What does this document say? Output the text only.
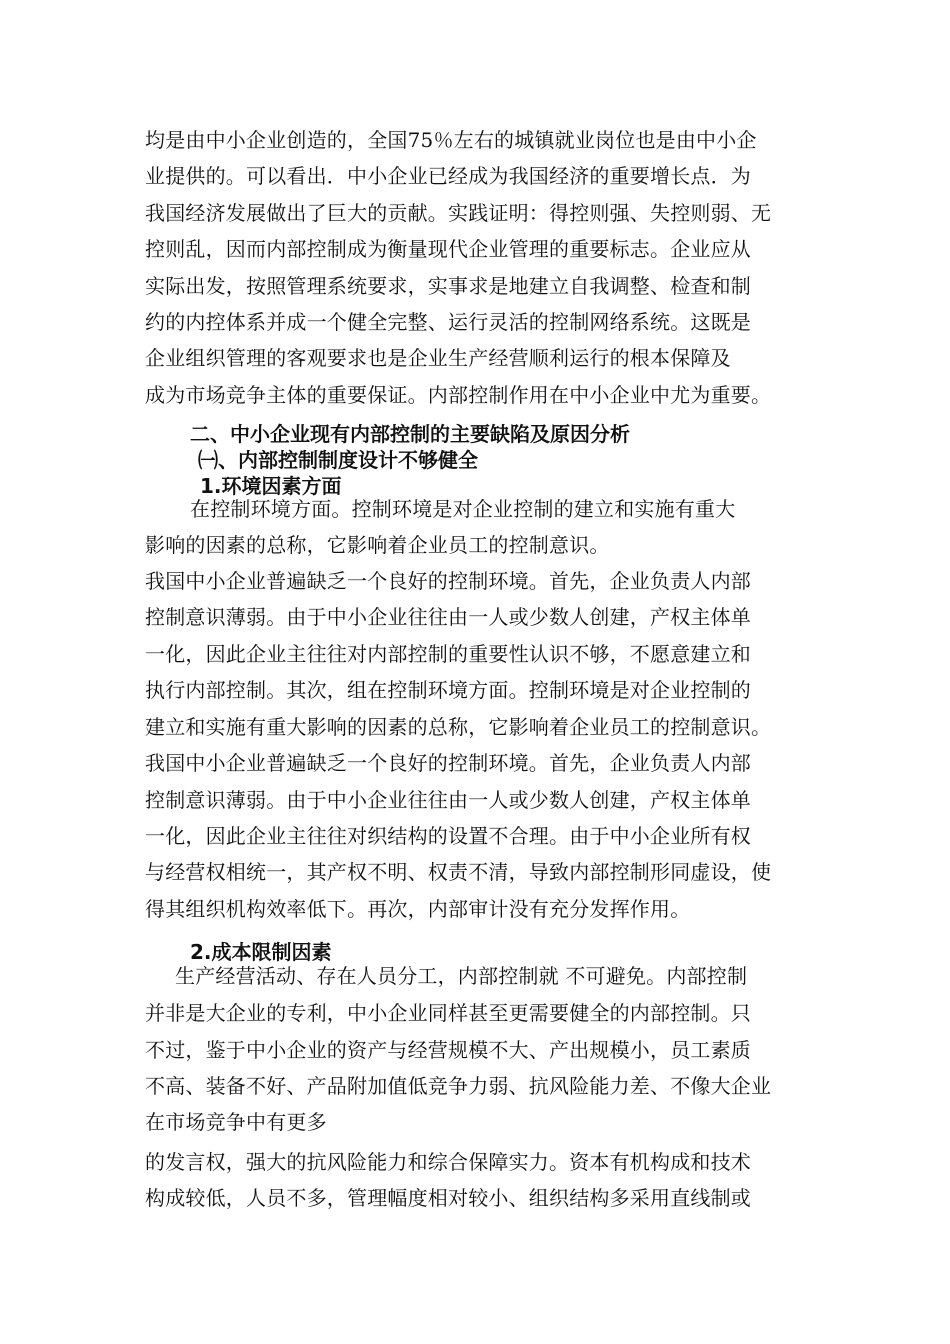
均是由中小企业创造的，全国75％左右的城镇就业岗位也是由中小企
业提供的。可以看出．中小企业已经成为我国经济的重要增长点．为
我国经济发展做出了巨大的贡献。实践证明：得控则强、失控则弱、无
控则乱，因而内部控制成为衡量现代企业管理的重要标志。企业应从
实际出发，按照管理系统要求，实事求是地建立自我调整、检查和制
约的内控体系并成一个健全完整、运行灵活的控制网络系统。这既是
企业组织管理的客观要求也是企业生产经营顺利运行的根本保障及
成为市场竞争主体的重要保证。内部控制作用在中小企业中尤为重要。
二、中小企业现有内部控制的主要缺陷及原因分析
㈠、内部控制制度设计不够健全
1.环境因素方面
在控制环境方面。控制环境是对企业控制的建立和实施有重大
影响的因素的总称，它影响着企业员工的控制意识。
我国中小企业普遍缺乏一个良好的控制环境。首先，企业负责人内部
控制意识薄弱。由于中小企业往往由一人或少数人创建，产权主体单
一化，因此企业主往往对内部控制的重要性认识不够，不愿意建立和
执行内部控制。其次，组在控制环境方面。控制环境是对企业控制的
建立和实施有重大影响的因素的总称，它影响着企业员工的控制意识。
我国中小企业普遍缺乏一个良好的控制环境。首先，企业负责人内部
控制意识薄弱。由于中小企业往往由一人或少数人创建，产权主体单
一化，因此企业主往往对织结构的设置不合理。由于中小企业所有权
与经营权相统一，其产权不明、权责不清，导致内部控制形同虚设，使
得其组织机构效率低下。再次，内部审计没有充分发挥作用。
2.成本限制因素
生产经营活动、存在人员分工，内部控制就 不可避免。内部控制
并非是大企业的专利，中小企业同样甚至更需要健全的内部控制。只
不过，鉴于中小企业的资产与经营规模不大、产出规模小，员工素质
不高、装备不好、产品附加值低竞争力弱、抗风险能力差、不像大企业
在市场竞争中有更多
的发言权，强大的抗风险能力和综合保障实力。资本有机构成和技术
构成较低，人员不多，管理幅度相对较小、组织结构多采用直线制或
